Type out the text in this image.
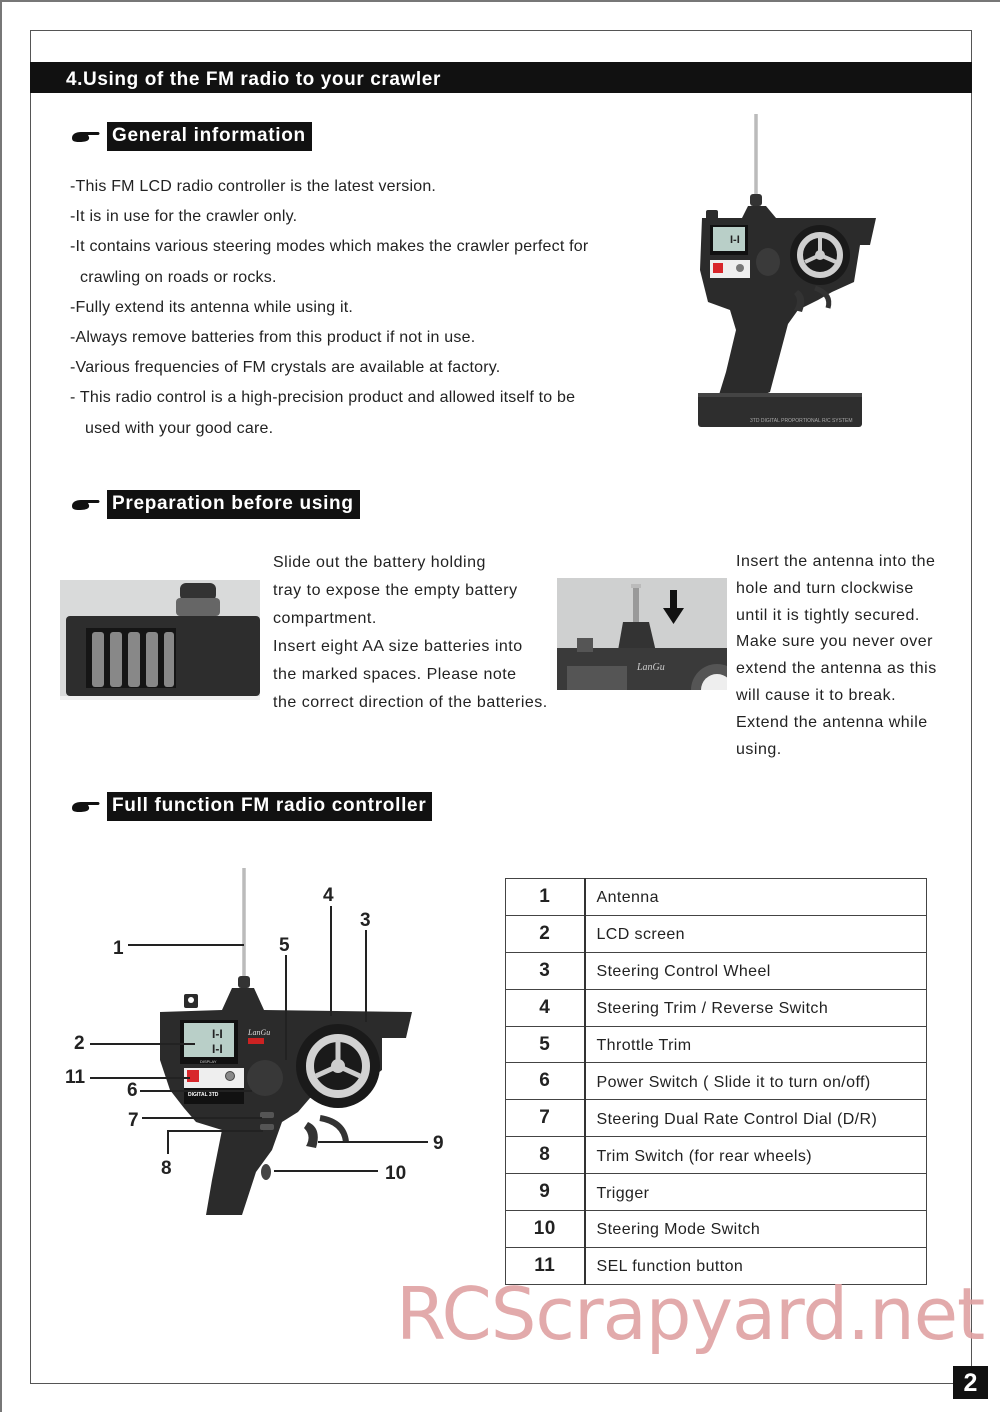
4.Using of the FM radio to your crawler
General information
-This FM LCD radio controller is the latest version.
-It is in use for the crawler only.
-It contains various steering modes which makes the crawler perfect for
crawling on roads or rocks.
-Fully extend its antenna while using it.
-Always remove batteries from this product if not in use.
-Various frequencies of FM crystals are available at factory.
- This radio control is a high-precision product and allowed itself to be
used with your good care.
I-I
3TD DIGITAL PROPORTIONAL R/C SYSTEM
Preparation before using
Slide out the battery holding
tray to expose the empty battery
compartment.
Insert eight AA size batteries into
the marked spaces. Please note
the correct direction of the batteries.
LanGu
Insert the antenna into the
hole and turn clockwise
until it is tightly secured.
Make sure you never over
extend the antenna as this
will cause it to break.
Extend the antenna while
using.
Full function FM radio controller
I-I
I-I
DISPLAY
LanGu
DIGITAL 3TD
1
2
3
4
5
6
7
8
9
10
11
1	Antenna
2	LCD screen
3	Steering Control Wheel
4	Steering Trim / Reverse Switch
5	Throttle Trim
6	Power Switch ( Slide it to turn on/off)
7	Steering Dual Rate Control Dial (D/R)
8	Trim Switch (for rear wheels)
9	Trigger
10	Steering Mode Switch
11	SEL function button
RCScrapyard.net
2
